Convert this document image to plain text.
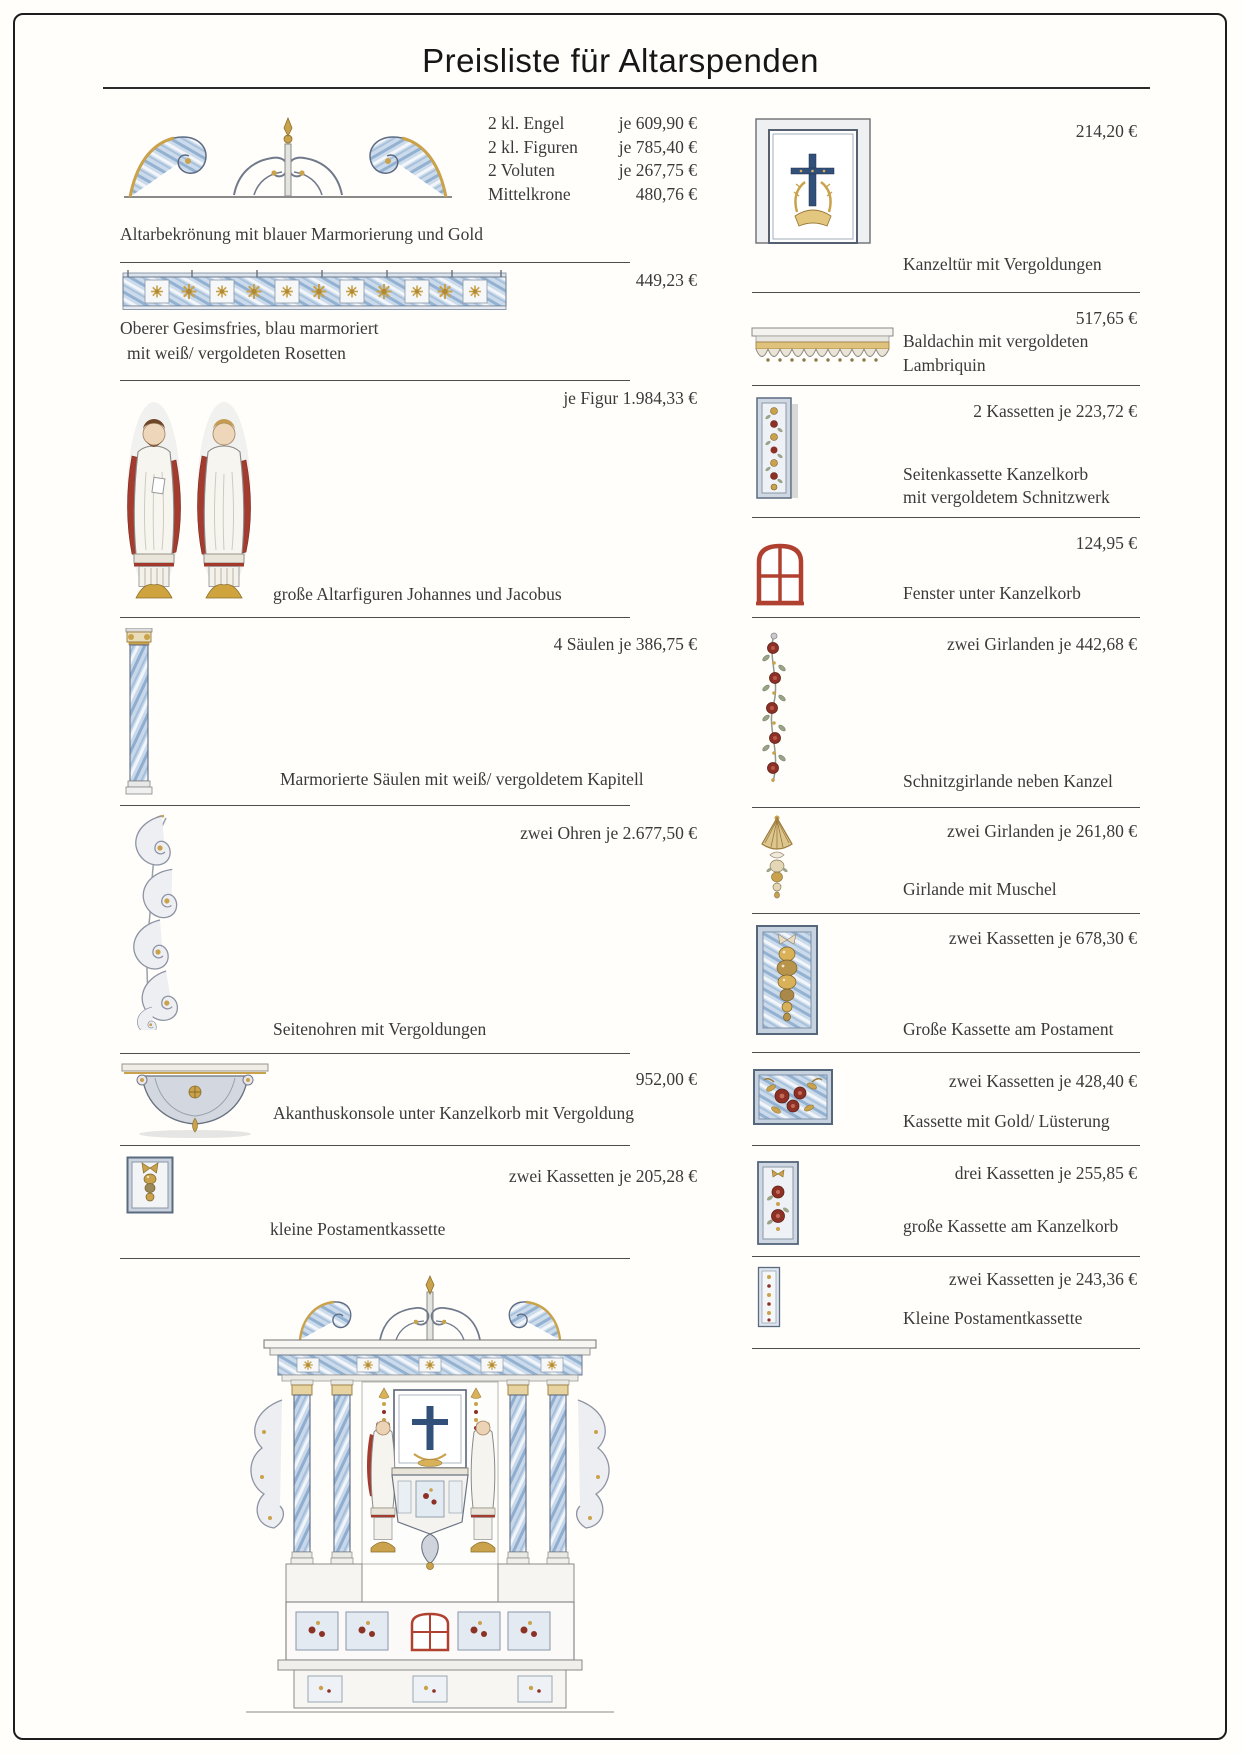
Preisliste für Altarspenden
2 kl. Engel	je 609,90 €
2 kl. Figuren je 785,40 €
2 Voluten	je 267,75 €
Mittelkrone	480,76 €
Altarbekrönung mit blauer Marmorierung und Gold
449,23 €
Oberer Gesimsfries, blau marmoriert
mit weiß/ vergoldeten Rosetten
je Figur 1.984,33 €
große Altarfiguren Johannes und Jacobus
4 Säulen je 386,75 €
Marmorierte Säulen mit weiß/ vergoldetem Kapitell
zwei Ohren je 2.677,50 €
Seitenohren mit Vergoldungen
952,00 €
Akanthuskonsole unter Kanzelkorb mit Vergoldung
zwei Kassetten je 205,28 €
kleine Postamentkassette
214,20 €
Kanzeltür mit Vergoldungen
517,65 €
Baldachin mit vergoldeten
Lambriquin
2 Kassetten je 223,72 €
Seitenkassette Kanzelkorb
mit vergoldetem Schnitzwerk
124,95 €
Fenster unter Kanzelkorb
zwei Girlanden je 442,68 €
Schnitzgirlande neben Kanzel
zwei Girlanden je 261,80 €
Girlande mit Muschel
zwei Kassetten je 678,30 €
Große Kassette am Postament
zwei Kassetten je 428,40 €
Kassette mit Gold/ Lüsterung
drei Kassetten je 255,85 €
große Kassette am Kanzelkorb
zwei Kassetten je 243,36 €
Kleine Postamentkassette
